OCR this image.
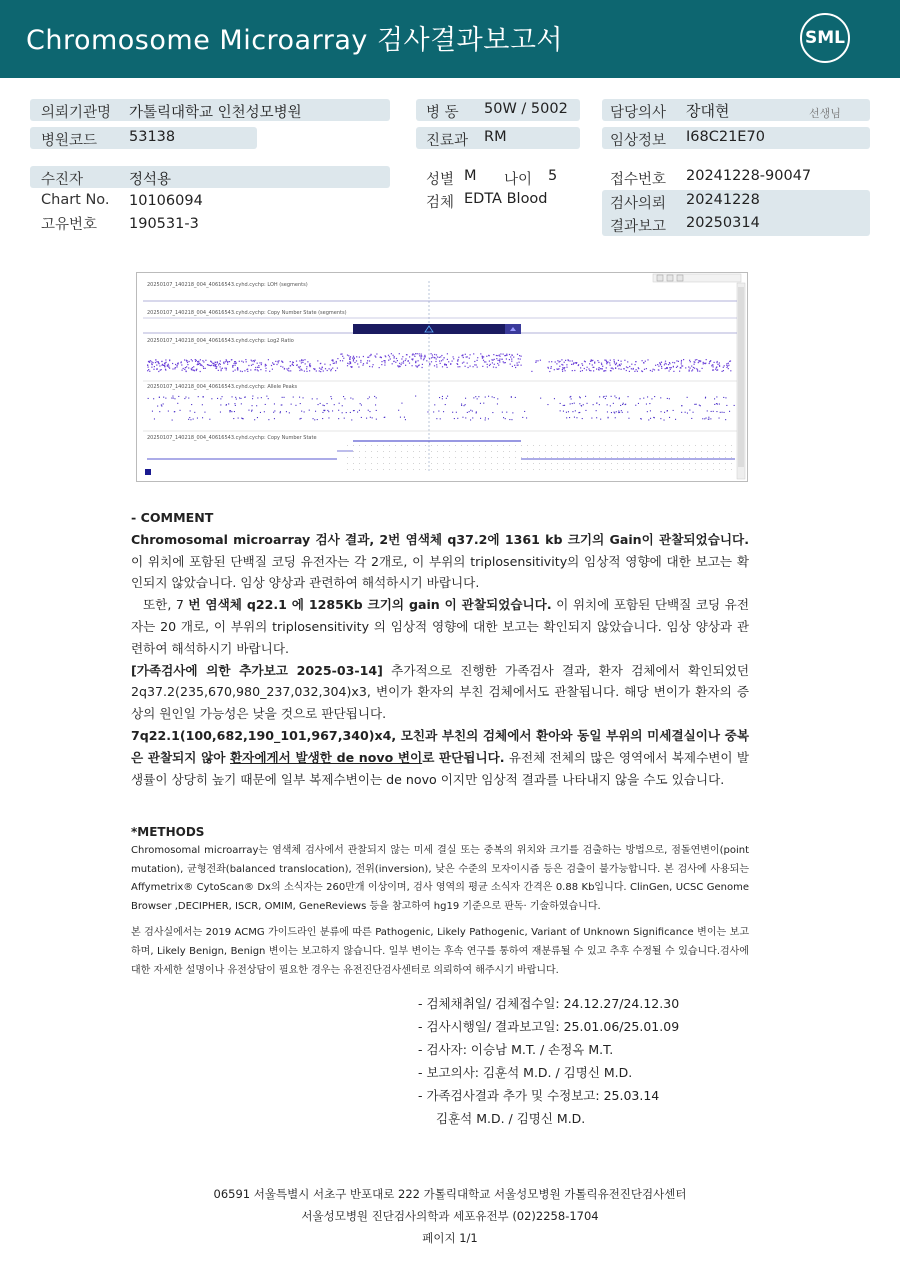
Chromosome Microarray 검사결과보고서	SML
의뢰기관명 가톨릭대학교 인천성모병원
병원코드 53138
병 동 50W / 5002
진료과 RM
담당의사 장대현	선생님
임상정보 I68C21E70
수진자	정석용
Chart No. 10106094
고유번호 190531-3
성별 M 나이 5
검체 EDTA Blood
접수번호 20241228-90047
검사의뢰 20241228
결과보고 20250314
20250107_140218_004_40616543.cyhd.cychp: LOH (segments)
20250107_140218_004_40616543.cyhd.cychp: Copy Number State (segments)
20250107_140218_004_40616543.cyhd.cychp: Log2 Ratio
20250107_140218_004_40616543.cyhd.cychp: Allele Peaks
20250107_140218_004_40616543.cyhd.cychp: Copy Number State

- COMMENT

Chromosomal microarray 검사 결과, 2번 염색체 q37.2에 1361 kb 크기의 Gain이 관찰되었습니다. 이 위치에 포함된 단백질 코딩 유전자는 각 2개로, 이 부위의 triplosensitivity의 임상적 영향에 대한 보고는 확인되지 않았습니다. 임상 양상과 관련하여 해석하시기 바랍니다.

또한, 7 번 염색체 q22.1 에 1285Kb 크기의 gain 이 관찰되었습니다. 이 위치에 포함된 단백질 코딩 유전자는 20 개로, 이 부위의 triplosensitivity 의 임상적 영향에 대한 보고는 확인되지 않았습니다. 임상 양상과 관련하여 해석하시기 바랍니다.

[가족검사에 의한 추가보고 2025-03-14] 추가적으로 진행한 가족검사 결과, 환자 검체에서 확인되었던 2q37.2(235,670,980_237,032,304)x3, 변이가 환자의 부친 검체에서도 관찰됩니다. 해당 변이가 환자의 증상의 원인일 가능성은 낮을 것으로 판단됩니다.

7q22.1(100,682,190_101,967,340)x4, 모친과 부친의 검체에서 환아와 동일 부위의 미세결실이나 중복은 관찰되지 않아 환자에게서 발생한 de novo 변이로 판단됩니다. 유전체 전체의 많은 영역에서 복제수변이 발생률이 상당히 높기 때문에 일부 복제수변이는 de novo 이지만 임상적 결과를 나타내지 않을 수도 있습니다.

*METHODS

Chromosomal microarray는 염색체 검사에서 관찰되지 않는 미세 결실 또는 중복의 위치와 크기를 검출하는 방법으로, 점돌연변이(point mutation), 균형전좌(balanced translocation), 전위(inversion), 낮은 수준의 모자이시즘 등은 검출이 불가능합니다. 본 검사에 사용되는 Affymetrix® CytoScan® Dx의 소식자는 260만개 이상이며, 검사 영역의 평균 소식자 간격은 0.88 Kb입니다. ClinGen, UCSC Genome Browser ,DECIPHER, ISCR, OMIM, GeneReviews 등을 참고하여 hg19 기준으로 판독· 기술하였습니다.

본 검사실에서는 2019 ACMG 가이드라인 분류에 따른 Pathogenic, Likely Pathogenic, Variant of Unknown Significance 변이는 보고하며, Likely Benign, Benign 변이는 보고하지 않습니다. 일부 변이는 후속 연구를 통하여 재분류될 수 있고 추후 수정될 수 있습니다.검사에 대한 자세한 설명이나 유전상담이 필요한 경우는 유전진단검사센터로 의뢰하여 해주시기 바랍니다.

- 검체채취일/ 검체접수일: 24.12.27/24.12.30
- 검사시행일/ 결과보고일: 25.01.06/25.01.09
- 검사자: 이승남 M.T. / 손정옥 M.T.
- 보고의사: 김훈석 M.D. / 김명신 M.D.
- 가족검사결과 추가 및 수정보고: 25.03.14
김훈석 M.D. / 김명신 M.D.
06591 서울특별시 서초구 반포대로 222 가톨릭대학교 서울성모병원 가톨릭유전진단검사센터
서울성모병원 진단검사의학과 세포유전부 (02)2258-1704
페이지 1/1
